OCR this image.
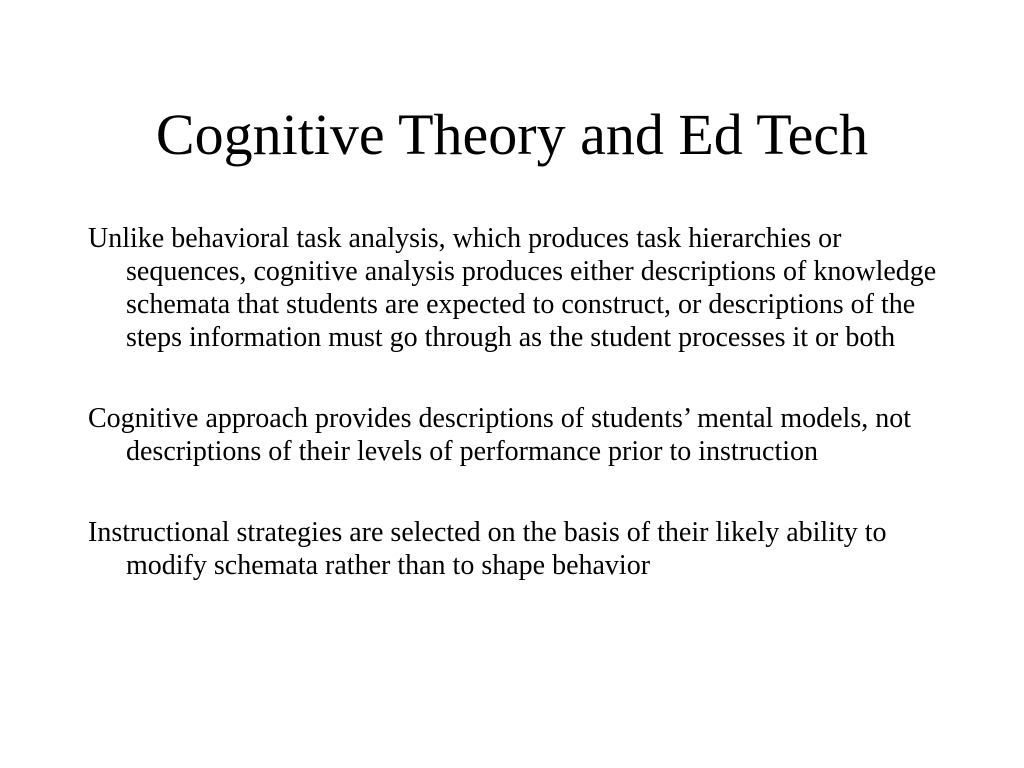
Cognitive Theory and Ed Tech
Unlike behavioral task analysis, which produces task hierarchies or sequences, cognitive analysis produces either descriptions of knowledge schemata that students are expected to construct, or descriptions of the steps information must go through as the student processes it or both
Cognitive approach provides descriptions of students’ mental models, not descriptions of their levels of performance prior to instruction
Instructional strategies are selected on the basis of their likely ability to modify schemata rather than to shape behavior
